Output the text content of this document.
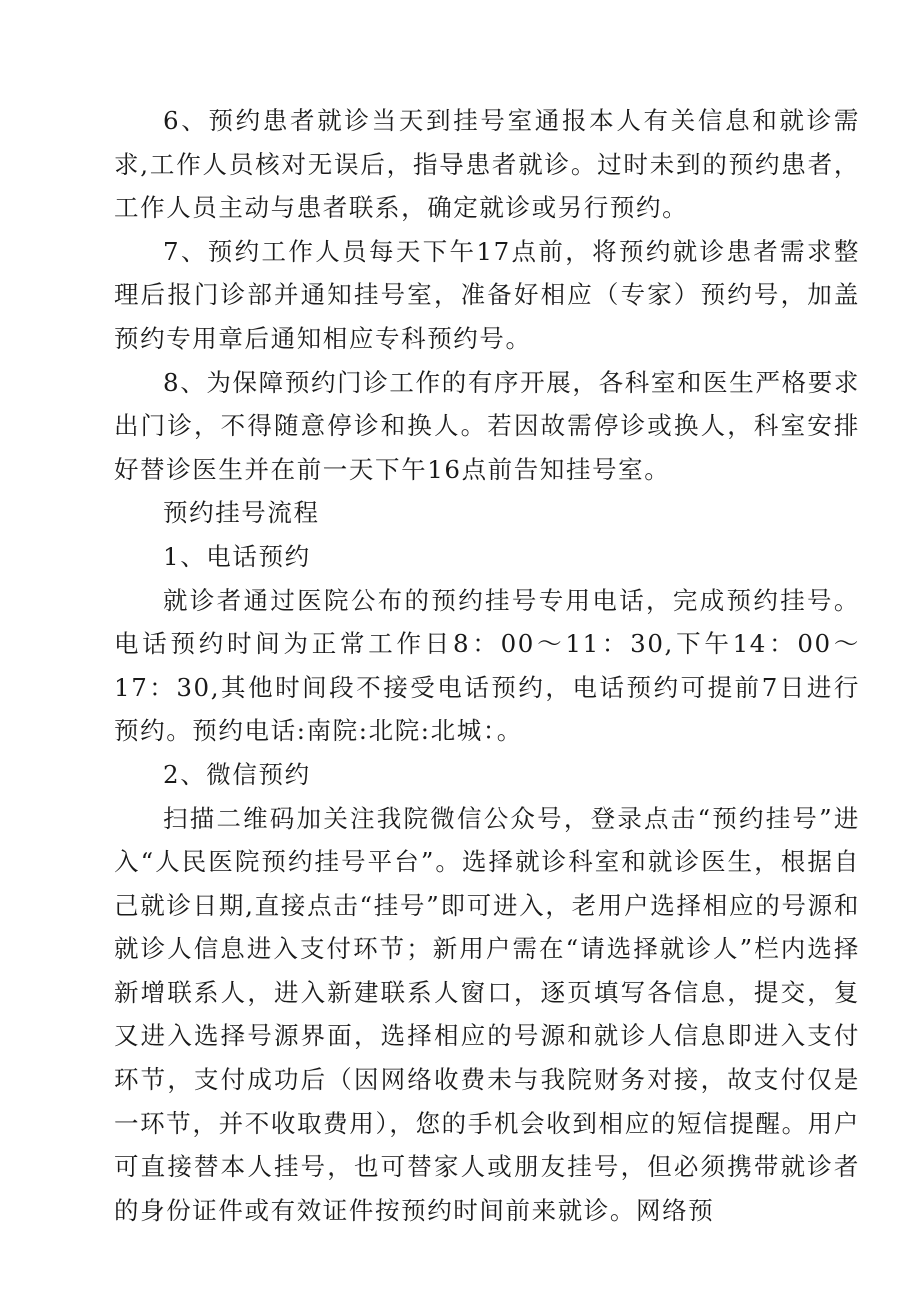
6、预约患者就诊当天到挂号室通报本人有关信息和就诊需求,工作人员核对无误后，指导患者就诊。过时未到的预约患者，工作人员主动与患者联系，确定就诊或另行预约。

7、预约工作人员每天下午17点前，将预约就诊患者需求整理后报门诊部并通知挂号室，准备好相应（专家）预约号，加盖预约专用章后通知相应专科预约号。

8、为保障预约门诊工作的有序开展，各科室和医生严格要求出门诊，不得随意停诊和换人。若因故需停诊或换人，科室安排好替诊医生并在前一天下午16点前告知挂号室。

预约挂号流程

1、电话预约

就诊者通过医院公布的预约挂号专用电话，完成预约挂号。电话预约时间为正常工作日8：00～11：30,下午14：00～17：30,其他时间段不接受电话预约，电话预约可提前7日进行预约。预约电话:南院:北院:北城：。

2、微信预约

扫描二维码加关注我院微信公众号，登录点击“预约挂号”进入“人民医院预约挂号平台”。选择就诊科室和就诊医生，根据自己就诊日期,直接点击“挂号”即可进入，老用户选择相应的号源和就诊人信息进入支付环节；新用户需在“请选择就诊人”栏内选择新增联系人，进入新建联系人窗口，逐页填写各信息，提交，复又进入选择号源界面，选择相应的号源和就诊人信息即进入支付环节，支付成功后（因网络收费未与我院财务对接，故支付仅是一环节，并不收取费用），您的手机会收到相应的短信提醒。用户可直接替本人挂号，也可替家人或朋友挂号，但必须携带就诊者的身份证件或有效证件按预约时间前来就诊。网络预
